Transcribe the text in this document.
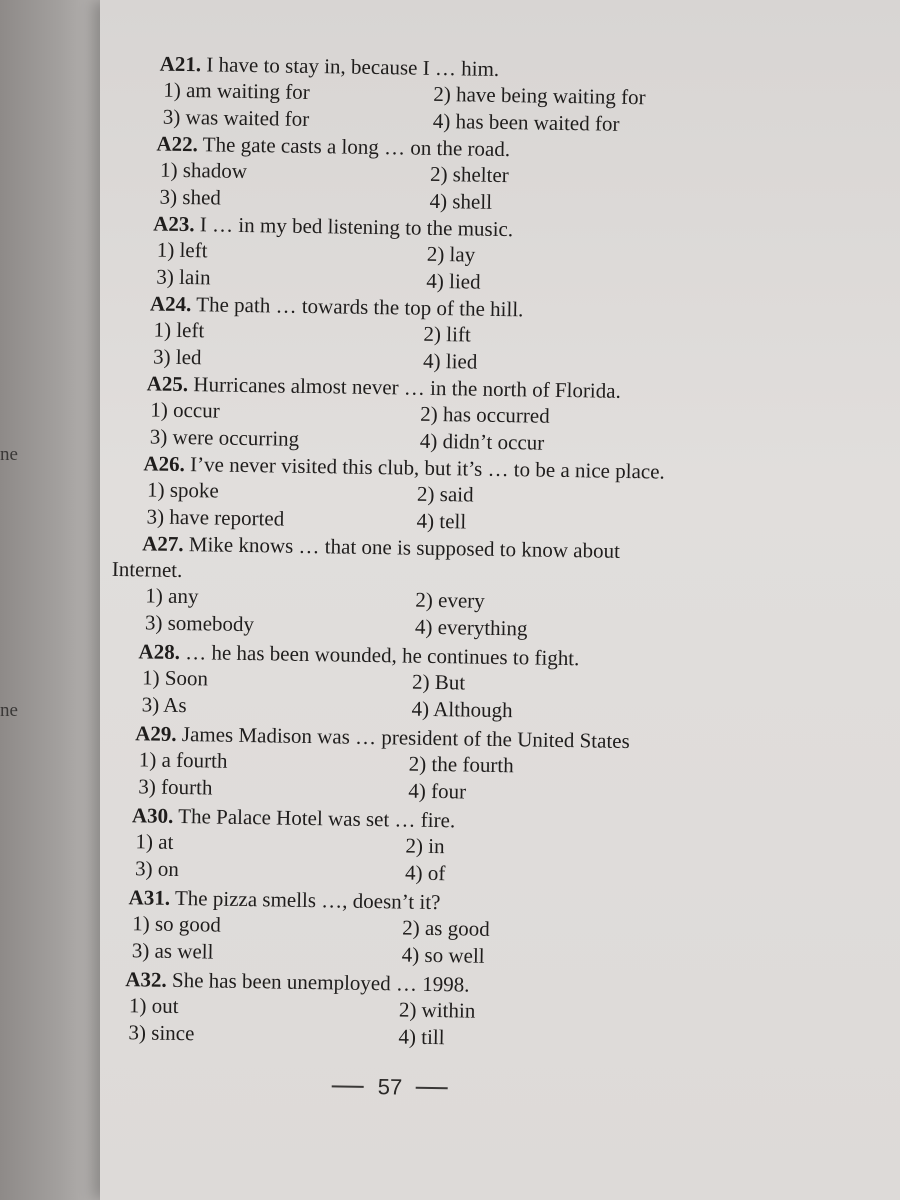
ne
ne
A21. I have to stay in, because I … him.
1) am waiting for	2) have being waiting for
3) was waited for	4) has been waited for
A22. The gate casts a long … on the road.
1) shadow	2) shelter
3) shed	4) shell
A23. I … in my bed listening to the music.
1) left	2) lay
3) lain	4) lied
A24. The path … towards the top of the hill.
1) left	2) lift
3) led	4) lied
A25. Hurricanes almost never … in the north of Florida.
1) occur	2) has occurred
3) were occurring	4) didn’t occur
A26. I’ve never visited this club, but it’s … to be a nice place.
1) spoke	2) said
3) have reported	4) tell
A27. Mike knows … that one is supposed to know about
Internet.
1) any	2) every
3) somebody	4) everything
A28. … he has been wounded, he continues to fight.
1) Soon	2) But
3) As	4) Although
A29. James Madison was … president of the United States
1) a fourth	2) the fourth
3) fourth	4) four
A30. The Palace Hotel was set … fire.
1) at	2) in
3) on	4) of
A31. The pizza smells …, doesn’t it?
1) so good	2) as good
3) as well	4) so well
A32. She has been unemployed … 1998.
1) out	2) within
3) since	4) till
57
